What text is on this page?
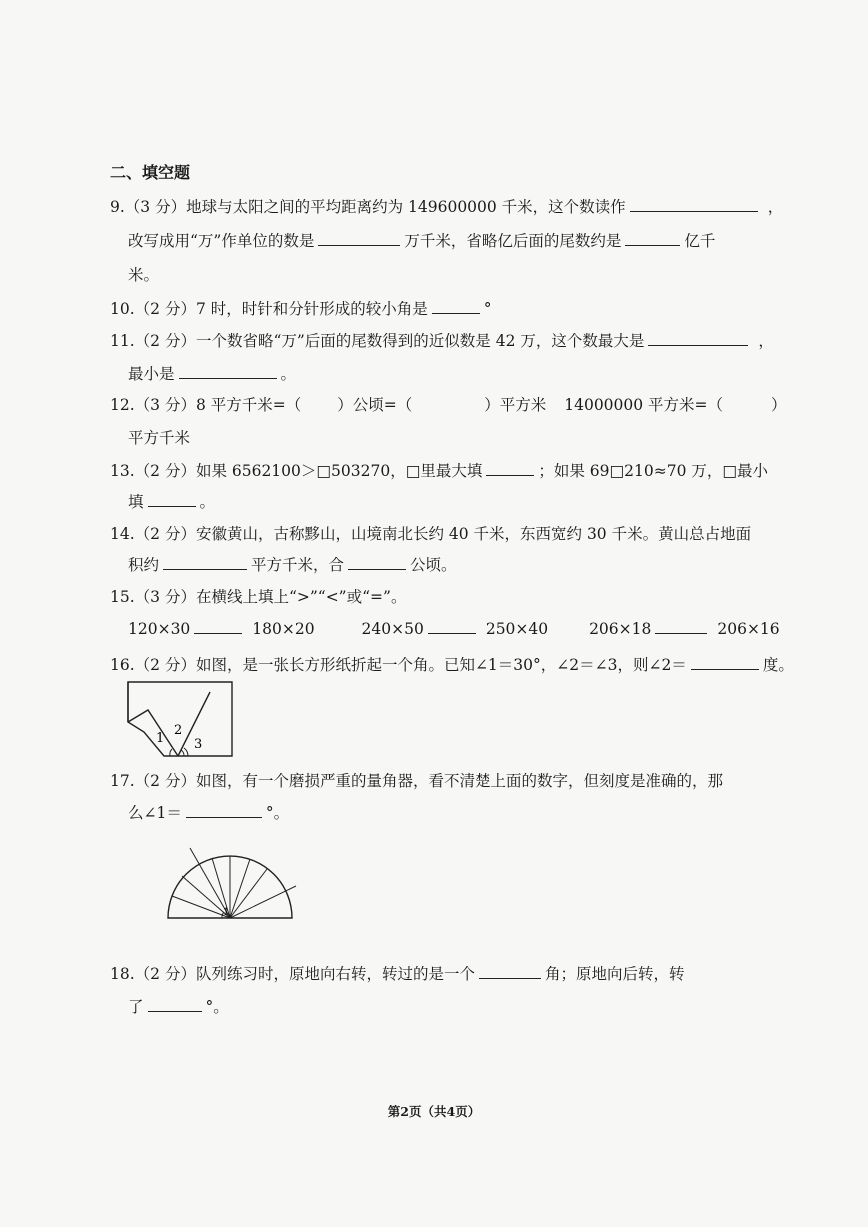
二、填空题
9.（3 分）地球与太阳之间的平均距离约为 149600000 千米，这个数读作	，
改写成用“万”作单位的数是	万千米，省略亿后面的尾数约是	亿千
米。
10.（2 分）7 时，时针和分针形成的较小角是	°
11.（2 分）一个数省略“万”后面的尾数得到的近似数是 42 万，这个数最大是	，
最小是	。
12.（3 分）8 平方千米=（ ）公顷=（	）平方米 14000000 平方米=（	）
平方千米
13.（2 分）如果 6562100＞□503270，□里最大填	；如果 69□210≈70 万，□最小
填	。
14.（2 分）安徽黄山，古称黟山，山境南北长约 40 千米，东西宽约 30 千米。黄山总占地面
积约	平方千米，合	公顷。
15.（3 分）在横线上填上“>”“<”或“=”。
120×30	180×20	240×50	250×40	206×18	206×16
16.（2 分）如图，是一张长方形纸折起一个角。已知∠1＝30°，∠2＝∠3，则∠2＝	度。
1
2
3
17.（2 分）如图，有一个磨损严重的量角器，看不清楚上面的数字，但刻度是准确的，那
么∠1＝	°。
1
18.（2 分）队列练习时，原地向右转，转过的是一个	角；原地向后转，转
了	°。
第2页（共4页）
